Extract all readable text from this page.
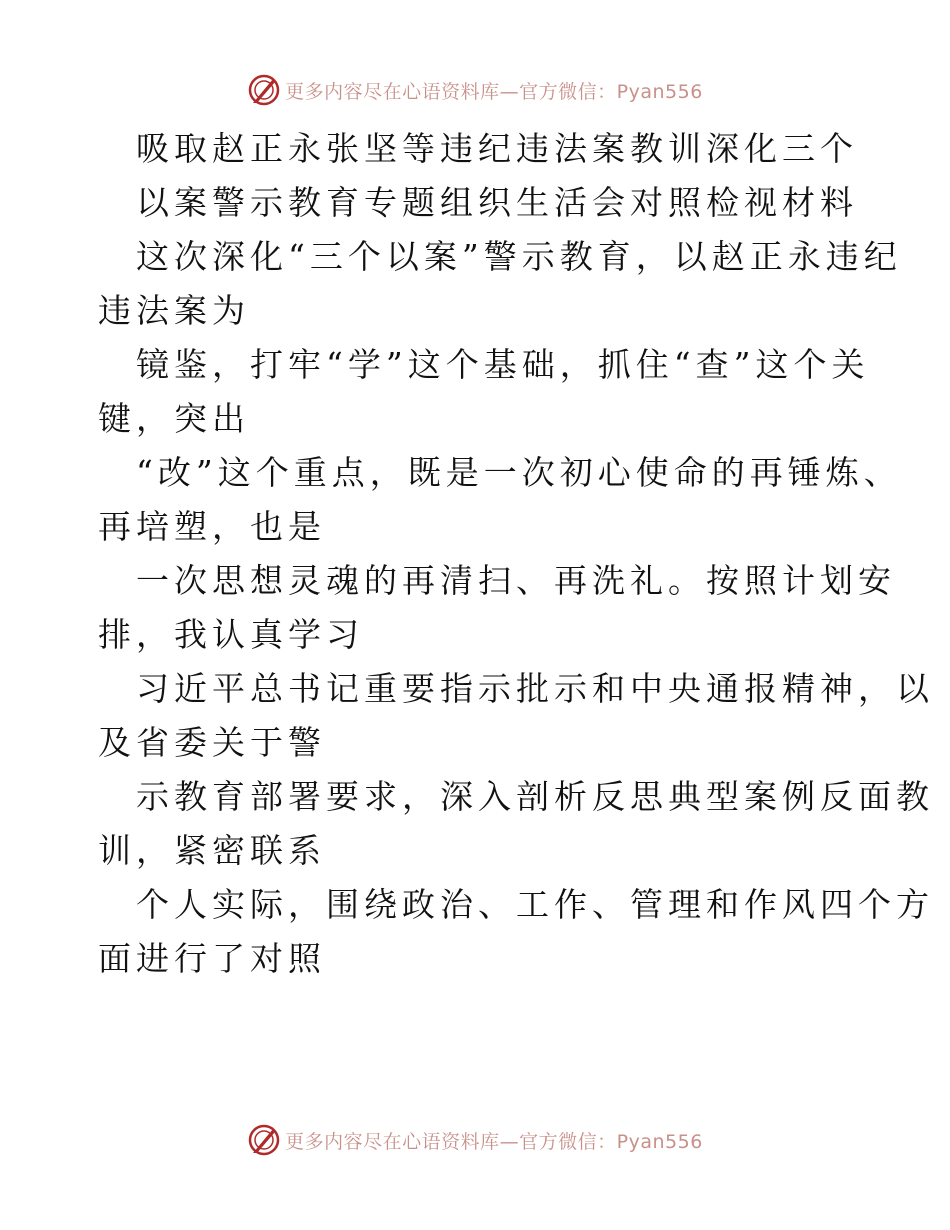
更多内容尽在心语资料库—官方微信：Pyan556
吸取赵正永张坚等违纪违法案教训深化三个
以案警示教育专题组织生活会对照检视材料
这次深化“三个以案”警示教育，以赵正永违纪
违法案为
镜鉴，打牢“学”这个基础，抓住“查”这个关
键，突出
“改”这个重点，既是一次初心使命的再锤炼、
再培塑，也是
一次思想灵魂的再清扫、再洗礼。按照计划安
排，我认真学习
习近平总书记重要指示批示和中央通报精神，以
及省委关于警
示教育部署要求，深入剖析反思典型案例反面教
训，紧密联系
个人实际，围绕政治、工作、管理和作风四个方
面进行了对照
更多内容尽在心语资料库—官方微信：Pyan556
